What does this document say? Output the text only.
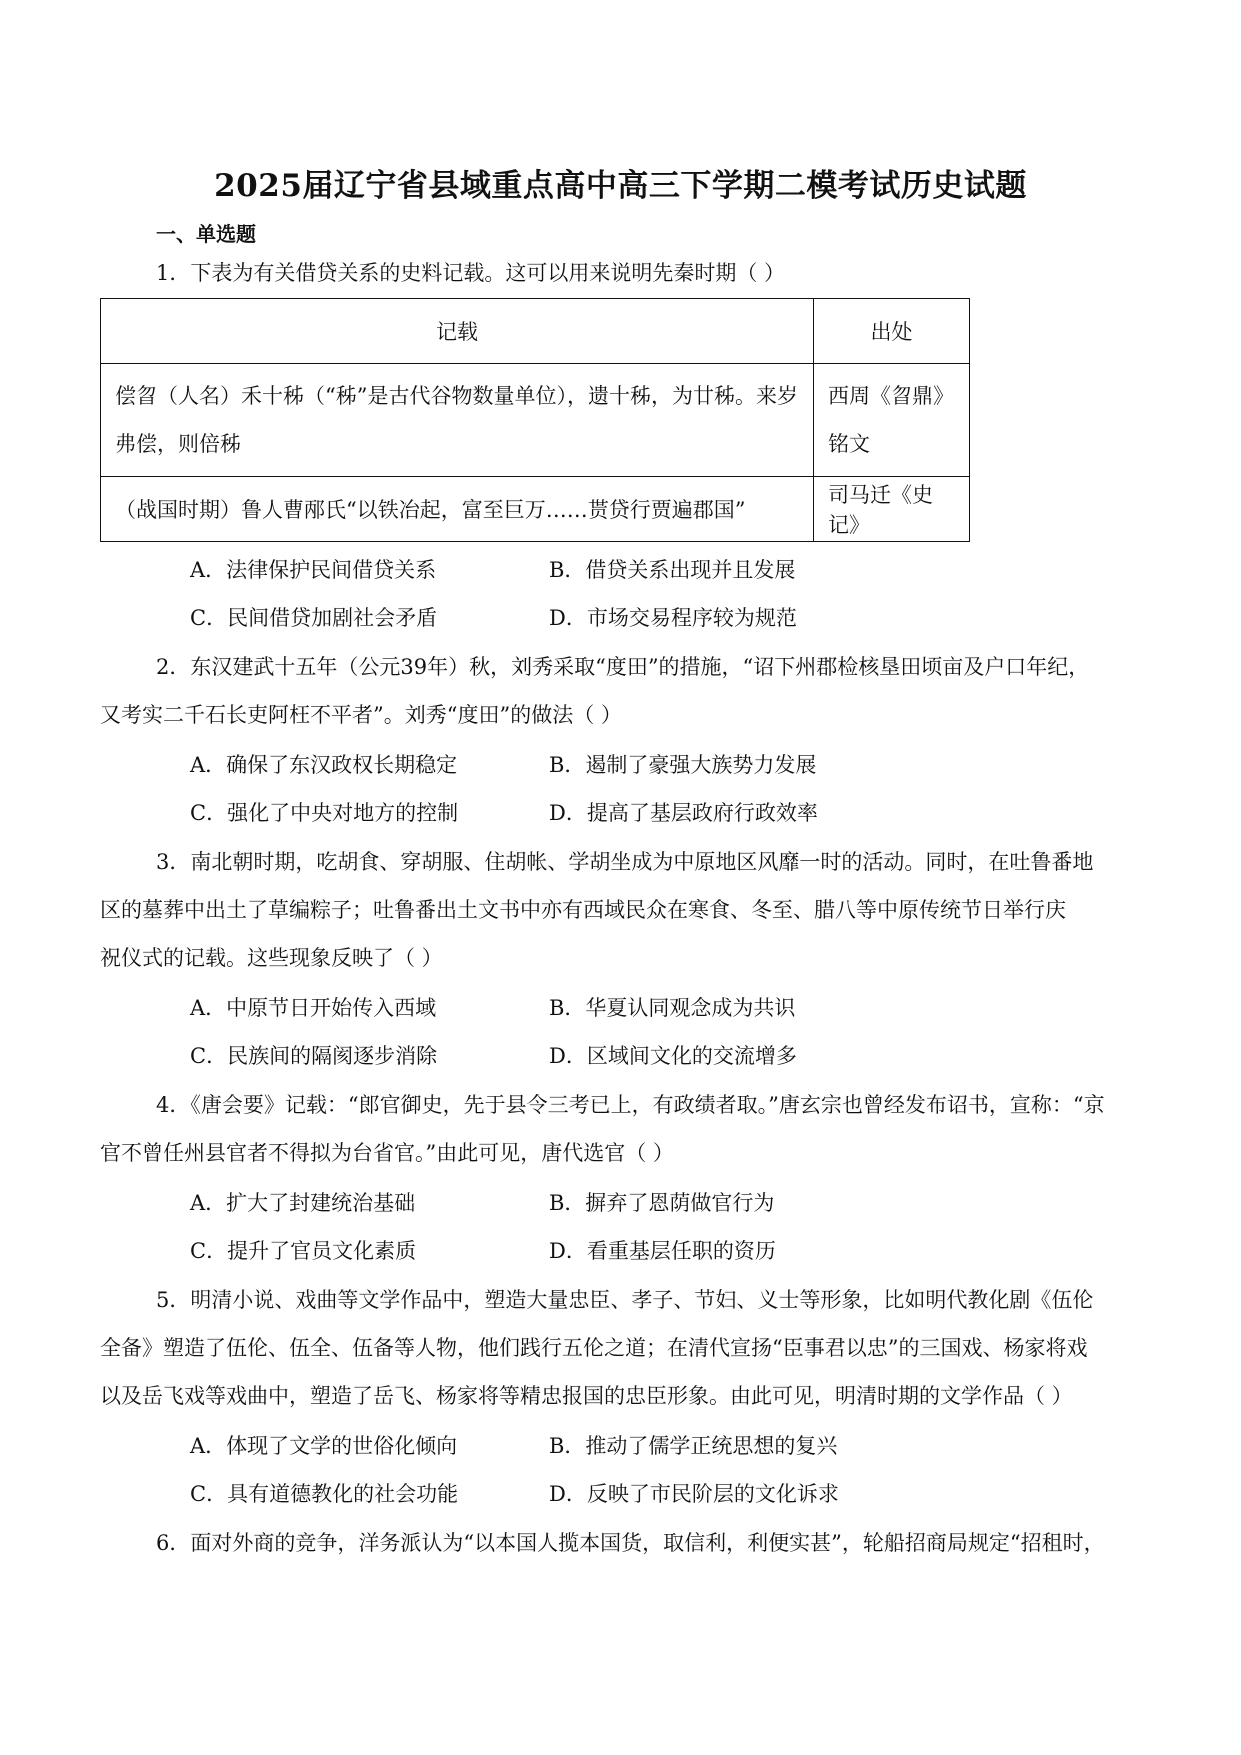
2025届辽宁省县域重点高中高三下学期二模考试历史试题
一、单选题
1．下表为有关借贷关系的史料记载。这可以用来说明先秦时期（ ）
记载	出处
偿曶（人名）禾十秭（“秭”是古代谷物数量单位），遗十秭，为廿秭。来岁弗偿，则倍秭	西周《曶鼎》铭文
（战国时期）鲁人曹邴氏“以铁冶起，富至巨万……贳贷行贾遍郡国”	司马迁《史记》
A．法律保护民间借贷关系	B．借贷关系出现并且发展
C．民间借贷加剧社会矛盾	D．市场交易程序较为规范
2．东汉建武十五年（公元39年）秋，刘秀采取“度田”的措施，“诏下州郡检核垦田顷亩及户口年纪，
又考实二千石长吏阿枉不平者”。刘秀“度田”的做法（ ）
A．确保了东汉政权长期稳定	B．遏制了豪强大族势力发展
C．强化了中央对地方的控制	D．提高了基层政府行政效率
3．南北朝时期，吃胡食、穿胡服、住胡帐、学胡坐成为中原地区风靡一时的活动。同时，在吐鲁番地
区的墓葬中出土了草编粽子；吐鲁番出土文书中亦有西域民众在寒食、冬至、腊八等中原传统节日举行庆
祝仪式的记载。这些现象反映了（ ）
A．中原节日开始传入西域	B．华夏认同观念成为共识
C．民族间的隔阂逐步消除	D．区域间文化的交流增多
4．《唐会要》记载：“郎官御史，先于县令三考已上，有政绩者取。”唐玄宗也曾经发布诏书，宣称：“京
官不曾任州县官者不得拟为台省官。”由此可见，唐代选官（ ）
A．扩大了封建统治基础	B．摒弃了恩荫做官行为
C．提升了官员文化素质	D．看重基层任职的资历
5．明清小说、戏曲等文学作品中，塑造大量忠臣、孝子、节妇、义士等形象，比如明代教化剧《伍伦
全备》塑造了伍伦、伍全、伍备等人物，他们践行五伦之道；在清代宣扬“臣事君以忠”的三国戏、杨家将戏
以及岳飞戏等戏曲中，塑造了岳飞、杨家将等精忠报国的忠臣形象。由此可见，明清时期的文学作品（ ）
A．体现了文学的世俗化倾向	B．推动了儒学正统思想的复兴
C．具有道德教化的社会功能	D．反映了市民阶层的文化诉求
6．面对外商的竞争，洋务派认为“以本国人揽本国货，取信利，利便实甚”，轮船招商局规定“招租时，
